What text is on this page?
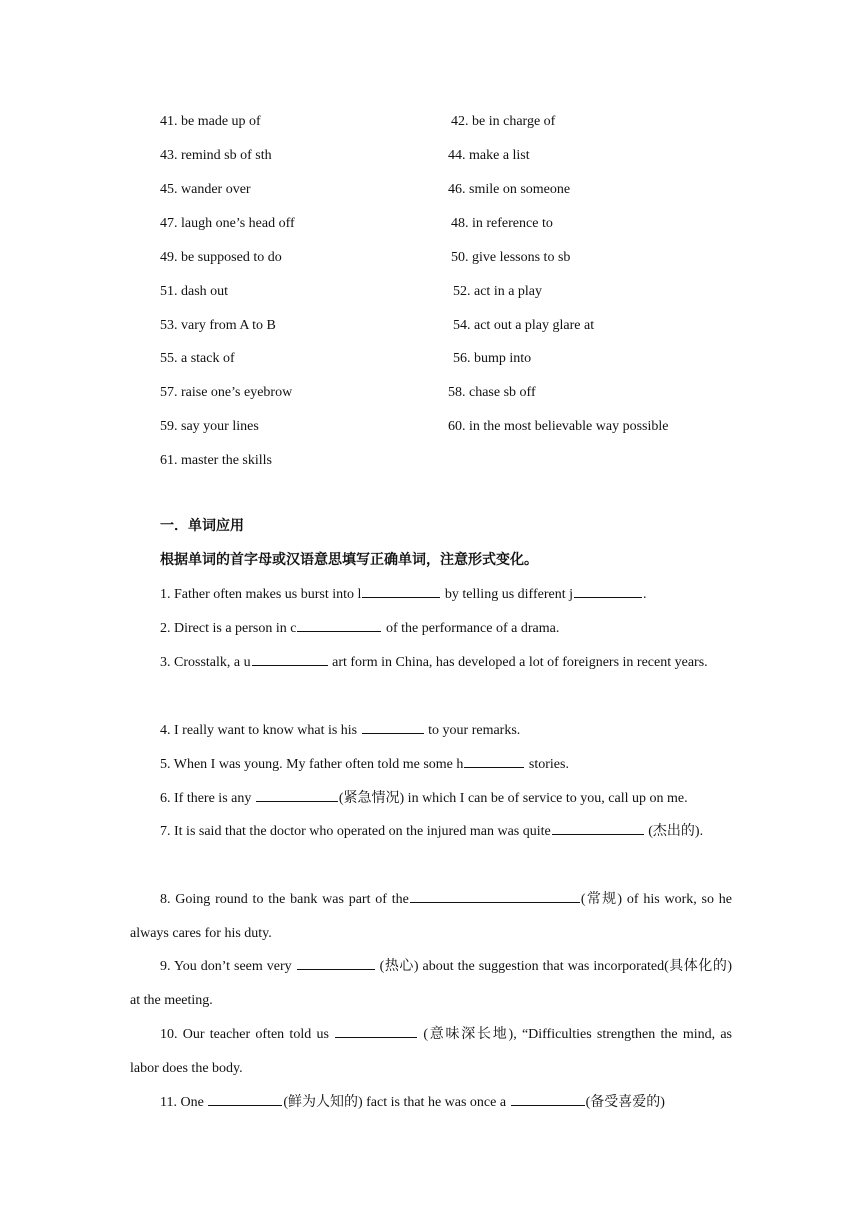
41. be made up of	42. be in charge of
43. remind sb of sth	44. make a list
45. wander over	46. smile on someone
47. laugh one’s head off	48. in reference to
49. be supposed to do	50. give lessons to sb
51. dash out	52. act in a play
53. vary from A to B	54. act out a play glare at
55. a stack of	56. bump into
57. raise one’s eyebrow	58. chase sb off
59. say your lines	60. in the most believable way possible
61. master the skills
一．单词应用
根据单词的首字母或汉语意思填写正确单词，注意形式变化。
1. Father often makes us burst into l	by telling us different j	.
2. Direct is a person in c	of the performance of a drama.
3. Crosstalk, a u	art form in China, has developed a lot of foreigners in recent years.
4. I really want to know what is his	to your remarks.
5. When I was young. My father often told me some h	stories.
6. If there is any	(紧急情况) in which I can be of service to you, call up on me.
7. It is said that the doctor who operated on the injured man was quite	(杰出的).
8. Going round to the bank was part of the	(常规) of his work, so he always cares for his duty.
9. You don’t seem very	(热心) about the suggestion that was incorporated(具体化的) at the meeting.
10. Our teacher often told us	(意味深长地), “Difficulties strengthen the mind, as labor does the body.
11. One	(鲜为人知的) fact is that he was once a	(备受喜爱的)
